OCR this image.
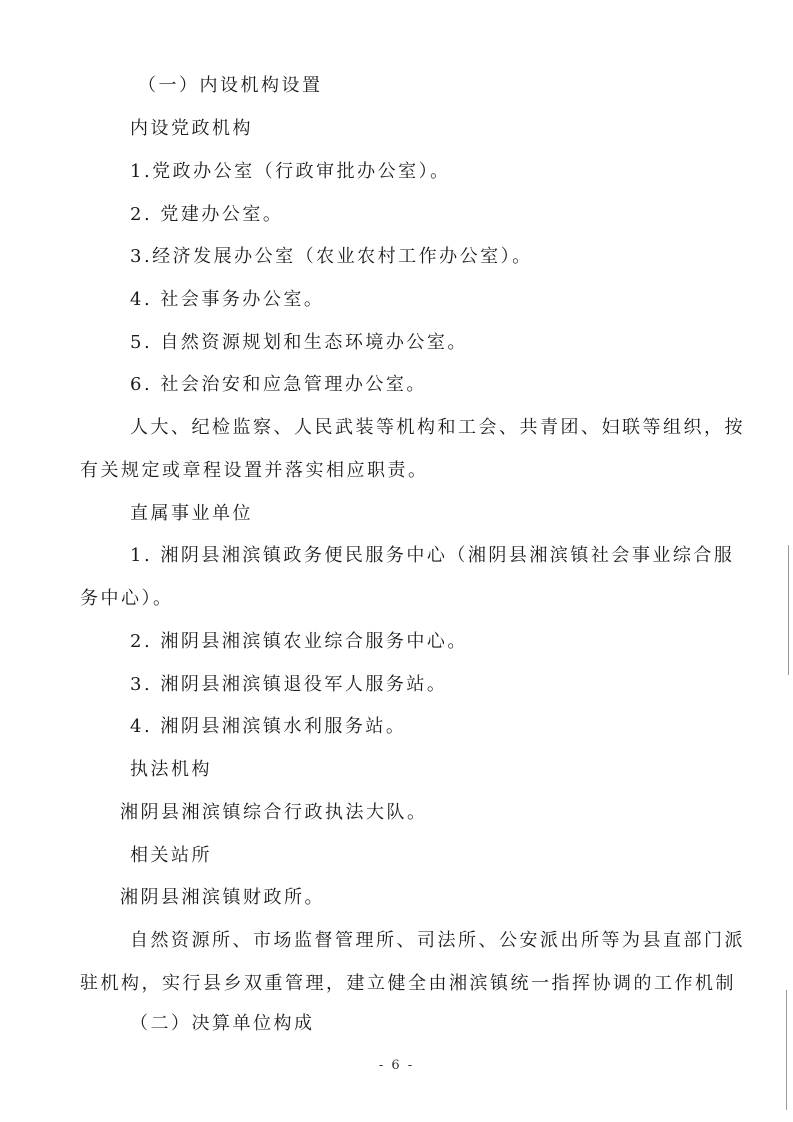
（一）内设机构设置
内设党政机构
1.党政办公室（行政审批办公室）。
2. 党建办公室。
3.经济发展办公室（农业农村工作办公室）。
4. 社会事务办公室。
5. 自然资源规划和生态环境办公室。
6. 社会治安和应急管理办公室。
人大、纪检监察、人民武装等机构和工会、共青团、妇联等组织，按
有关规定或章程设置并落实相应职责。
直属事业单位
1. 湘阴县湘滨镇政务便民服务中心（湘阴县湘滨镇社会事业综合服
务中心）。
2. 湘阴县湘滨镇农业综合服务中心。
3. 湘阴县湘滨镇退役军人服务站。
4. 湘阴县湘滨镇水利服务站。
执法机构
湘阴县湘滨镇综合行政执法大队。
相关站所
湘阴县湘滨镇财政所。
自然资源所、市场监督管理所、司法所、公安派出所等为县直部门派
驻机构，实行县乡双重管理，建立健全由湘滨镇统一指挥协调的工作机制
（二）决算单位构成
- 6 -
